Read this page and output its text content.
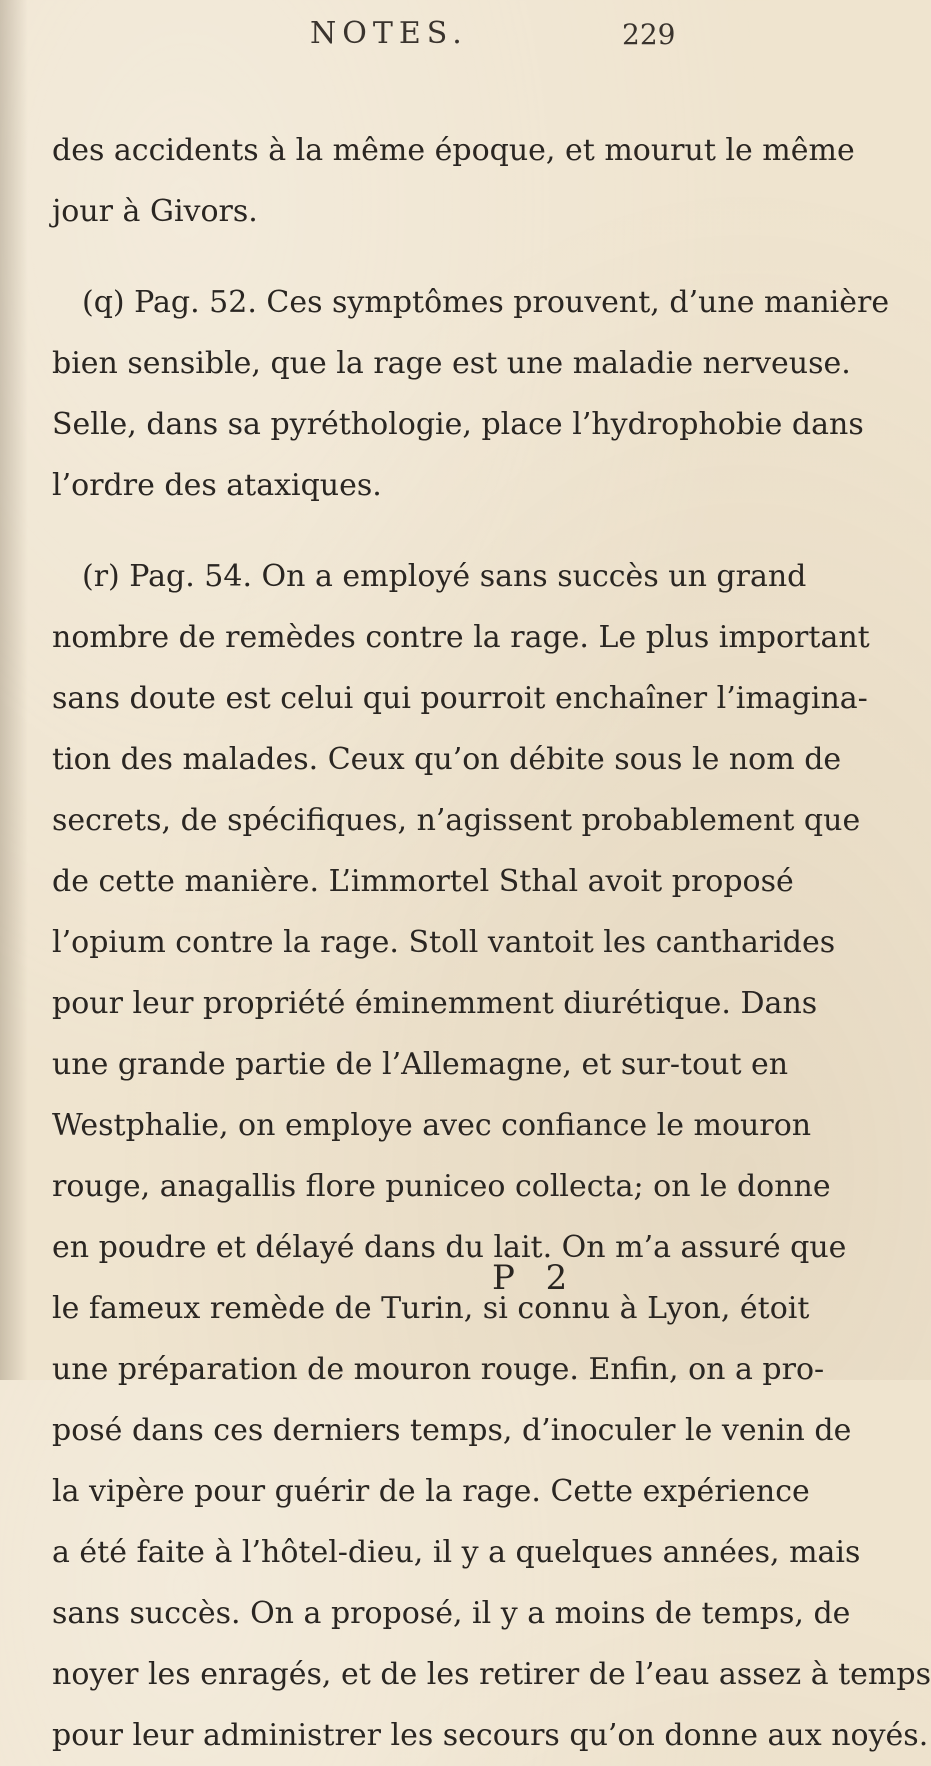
NOTES.	229
des accidents à la même époque, et mourut le même
jour à Givors.
(q) Pag. 52. Ces symptômes prouvent, d’une manière
bien sensible, que la rage est une maladie nerveuse.
Selle, dans sa pyréthologie, place l’hydrophobie dans
l’ordre des ataxiques.
(r) Pag. 54. On a employé sans succès un grand
nombre de remèdes contre la rage. Le plus important
sans doute est celui qui pourroit enchaîner l’imagina-
tion des malades. Ceux qu’on débite sous le nom de
secrets, de spécifiques, n’agissent probablement que
de cette manière. L’immortel Sthal avoit proposé
l’opium contre la rage. Stoll vantoit les cantharides
pour leur propriété éminemment diurétique. Dans
une grande partie de l’Allemagne, et sur-tout en
Westphalie, on employe avec confiance le mouron
rouge, anagallis flore puniceo collecta; on le donne
en poudre et délayé dans du lait. On m’a assuré que
le fameux remède de Turin, si connu à Lyon, étoit
une préparation de mouron rouge. Enfin, on a pro-
posé dans ces derniers temps, d’inoculer le venin de
la vipère pour guérir de la rage. Cette expérience
a été faite à l’hôtel-dieu, il y a quelques années, mais
sans succès. On a proposé, il y a moins de temps, de
noyer les enragés, et de les retirer de l’eau assez à temps
pour leur administrer les secours qu’on donne aux noyés.
P 2
